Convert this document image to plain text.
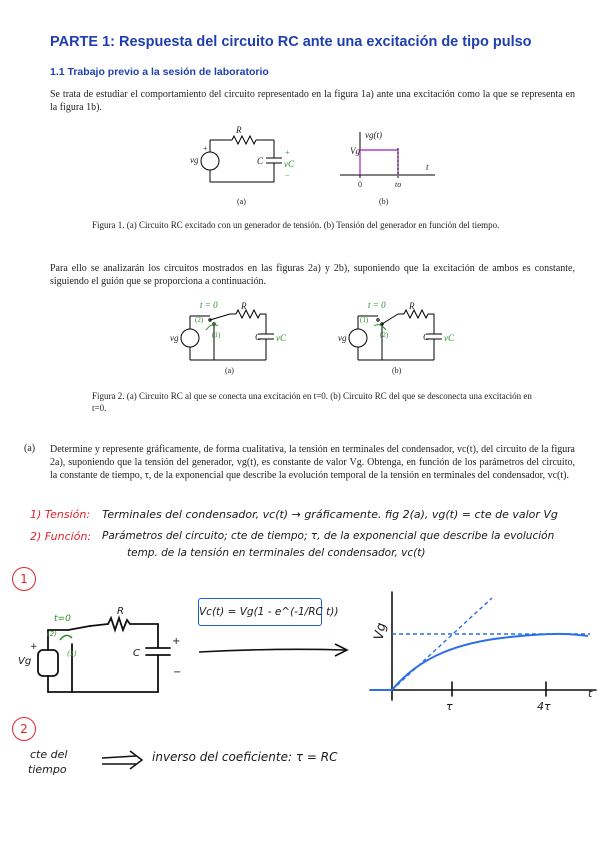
PARTE 1: Respuesta del circuito RC ante una excitación de tipo pulso
1.1 Trabajo previo a la sesión de laboratorio
Se trata de estudiar el comportamiento del circuito representado en la figura 1a) ante una excitación como la que se representa en la figura 1b).
R
C
vg
+	+
vC
−
(a)
vg(t)
Vg
t
0	to
(b)
Figura 1. (a) Circuito RC excitado con un generador de tensión. (b) Tensión del generador en función del tiempo.
Para ello se analizarán los circuitos mostrados en las figuras 2a) y 2b), suponiendo que la excitación de ambos es constante, siguiendo el guión que se proporciona a continuación.
t = 0
(2)
(1)
R
C
vg	vC
(a)
t = 0
(1)
(2)
R
C
vg	vC
(b)
Figura 2. (a) Circuito RC al que se conecta una excitación en t=0. (b) Circuito RC del que se desconecta una excitación en t=0.
(a) Determine y represente gráficamente, de forma cualitativa, la tensión en terminales del condensador, vc(t), del circuito de la figura 2a), suponiendo que la tensión del generador, vg(t), es constante de valor Vg. Obtenga, en función de los parámetros del circuito, la constante de tiempo, τ, de la exponencial que describe la evolución temporal de la tensión en terminales del condensador, vc(t).
1) Tensión: Terminales del condensador, vc(t) → gráficamente. fig 2(a), vg(t) = cte de valor Vg
2) Función: Parámetros del circuito; cte de tiempo; τ, de la exponencial que describe la evolución
temp. de la tensión en terminales del condensador, vc(t)
1
2
t=0
(2)
(1)
R
C
Vg
+	+
−
Vc(t) = Vg(1 - e^(-1/RC t))
Vg
τ	4τ
t
cte del
tiempo
inverso del coeficiente: τ = RC
